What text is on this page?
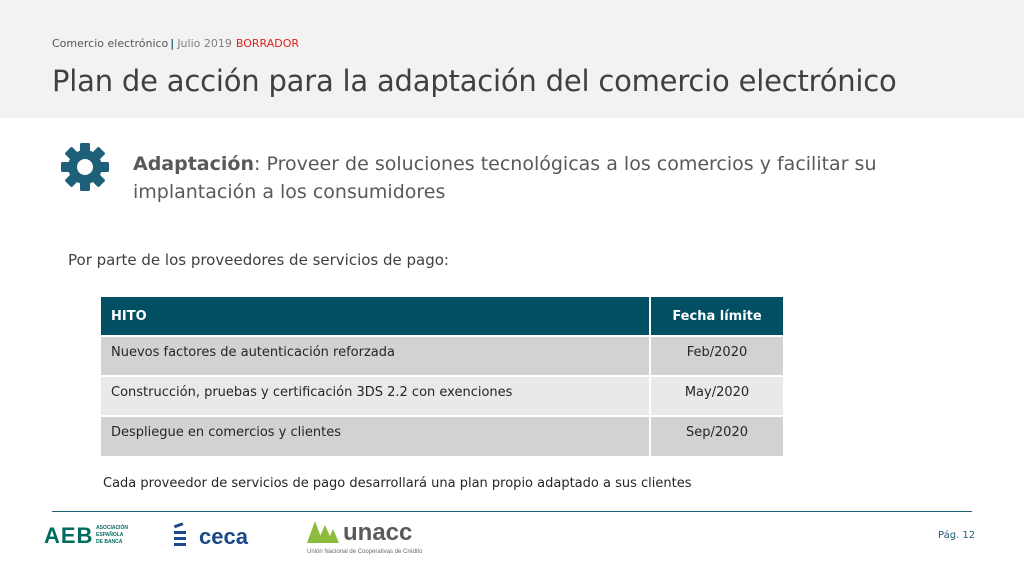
Comercio electrónico | Julio 2019 BORRADOR
Plan de acción para la adaptación del comercio electrónico
Adaptación: Proveer de soluciones tecnológicas a los comercios y facilitar su implantación a los consumidores
Por parte de los proveedores de servicios de pago:
HITO	Fecha límite
Nuevos factores de autenticación reforzada	Feb/2020
Construcción, pruebas y certificación 3DS 2.2 con exenciones	May/2020
Despliegue en comercios y clientes	Sep/2020
Cada proveedor de servicios de pago desarrollará una plan propio adaptado a sus clientes
AEB ASOCIACIÓN
ESPAÑOLA
DE BANCA	ceca	unacc
Unión Nacional de Cooperativas de Crédito
Pág. 12
